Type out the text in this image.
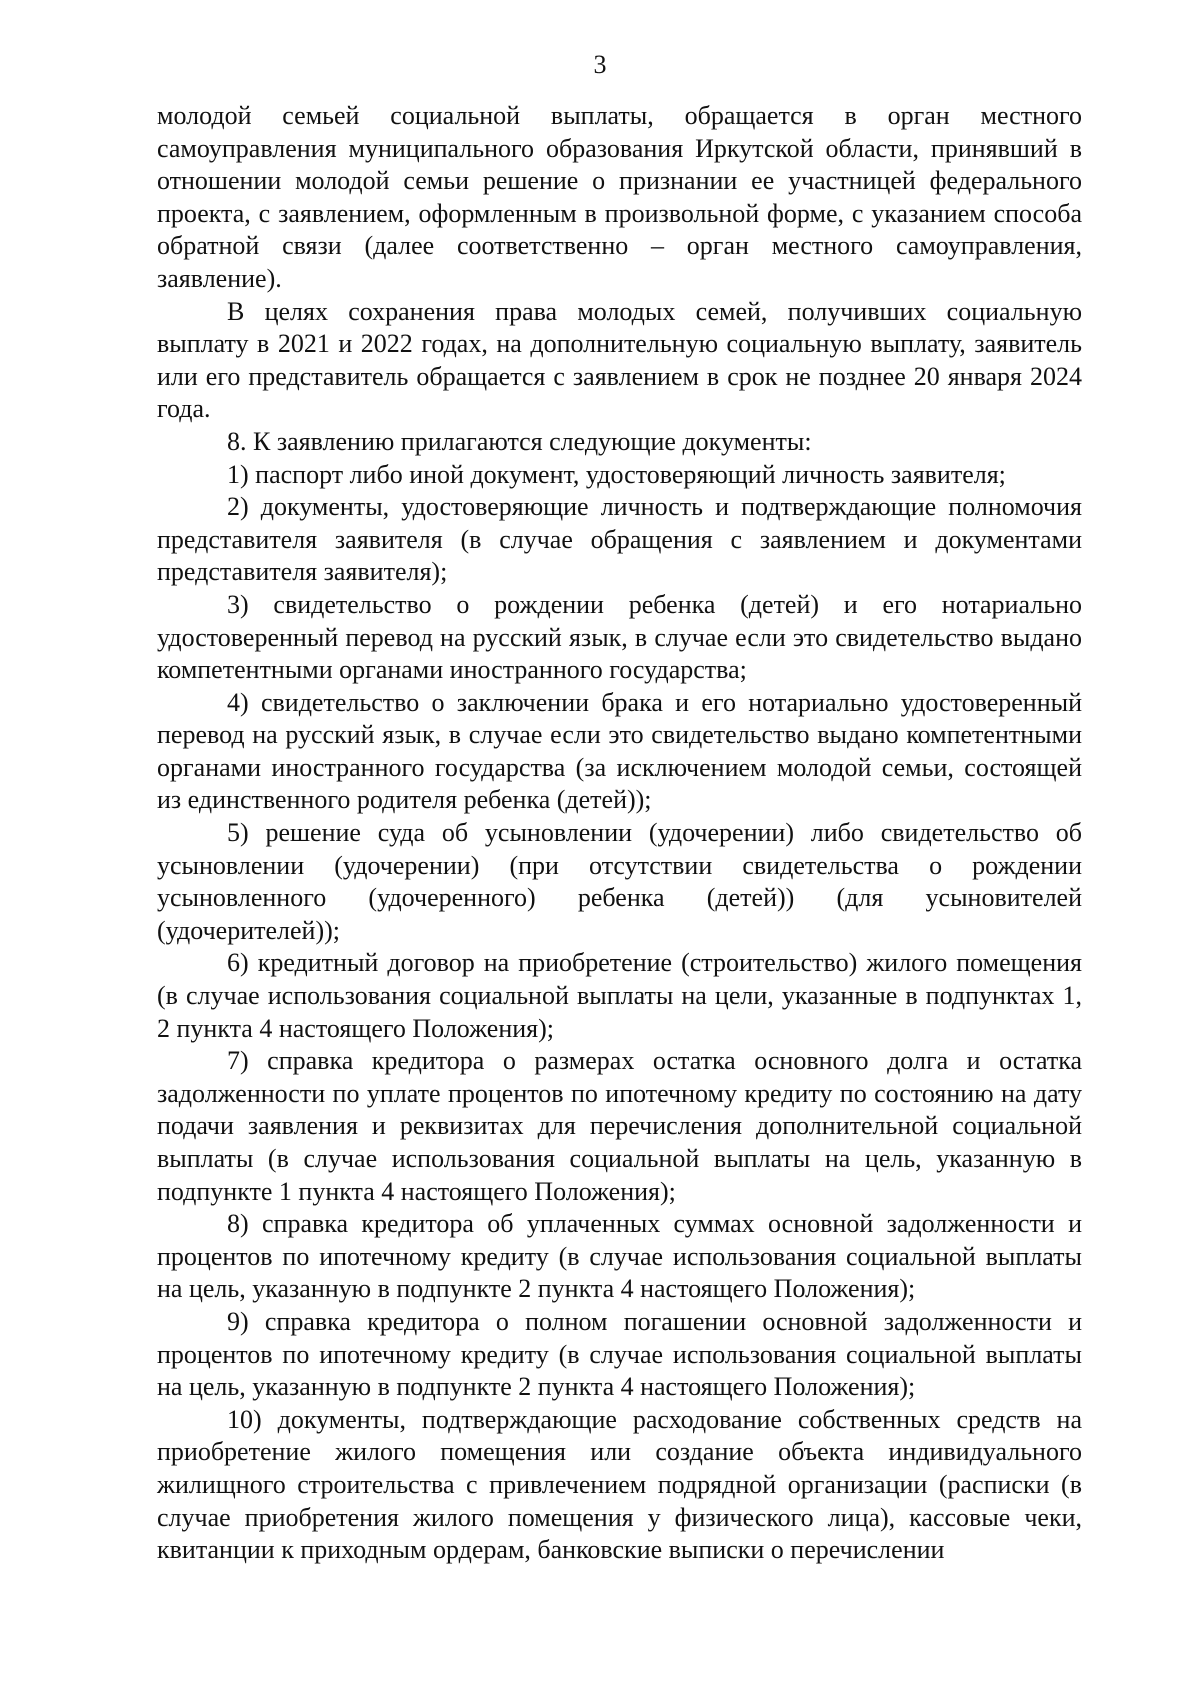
3

молодой семьей социальной выплаты, обращается в орган местного самоуправления муниципального образования Иркутской области, принявший в отношении молодой семьи решение о признании ее участницей федерального проекта, с заявлением, оформленным в произвольной форме, с указанием способа обратной связи (далее соответственно – орган местного самоуправления, заявление).

В целях сохранения права молодых семей, получивших социальную выплату в 2021 и 2022 годах, на дополнительную социальную выплату, заявитель или его представитель обращается с заявлением в срок не позднее 20 января 2024 года.

8. К заявлению прилагаются следующие документы:

1) паспорт либо иной документ, удостоверяющий личность заявителя;

2) документы, удостоверяющие личность и подтверждающие полномочия представителя заявителя (в случае обращения с заявлением и документами представителя заявителя);

3) свидетельство о рождении ребенка (детей) и его нотариально удостоверенный перевод на русский язык, в случае если это свидетельство выдано компетентными органами иностранного государства;

4) свидетельство о заключении брака и его нотариально удостоверенный перевод на русский язык, в случае если это свидетельство выдано компетентными органами иностранного государства (за исключением молодой семьи, состоящей из единственного родителя ребенка (детей));

5) решение суда об усыновлении (удочерении) либо свидетельство об усыновлении (удочерении) (при отсутствии свидетельства о рождении усыновленного (удочеренного) ребенка (детей)) (для усыновителей (удочерителей));

6) кредитный договор на приобретение (строительство) жилого помещения (в случае использования социальной выплаты на цели, указанные в подпунктах 1, 2 пункта 4 настоящего Положения);

7) справка кредитора о размерах остатка основного долга и остатка задолженности по уплате процентов по ипотечному кредиту по состоянию на дату подачи заявления и реквизитах для перечисления дополнительной социальной выплаты (в случае использования социальной выплаты на цель, указанную в подпункте 1 пункта 4 настоящего Положения);

8) справка кредитора об уплаченных суммах основной задолженности и процентов по ипотечному кредиту (в случае использования социальной выплаты на цель, указанную в подпункте 2 пункта 4 настоящего Положения);

9) справка кредитора о полном погашении основной задолженности и процентов по ипотечному кредиту (в случае использования социальной выплаты на цель, указанную в подпункте 2 пункта 4 настоящего Положения);

10) документы, подтверждающие расходование собственных средств на приобретение жилого помещения или создание объекта индивидуального жилищного строительства с привлечением подрядной организации (расписки (в случае приобретения жилого помещения у физического лица), кассовые чеки, квитанции к приходным ордерам, банковские выписки о перечислении
